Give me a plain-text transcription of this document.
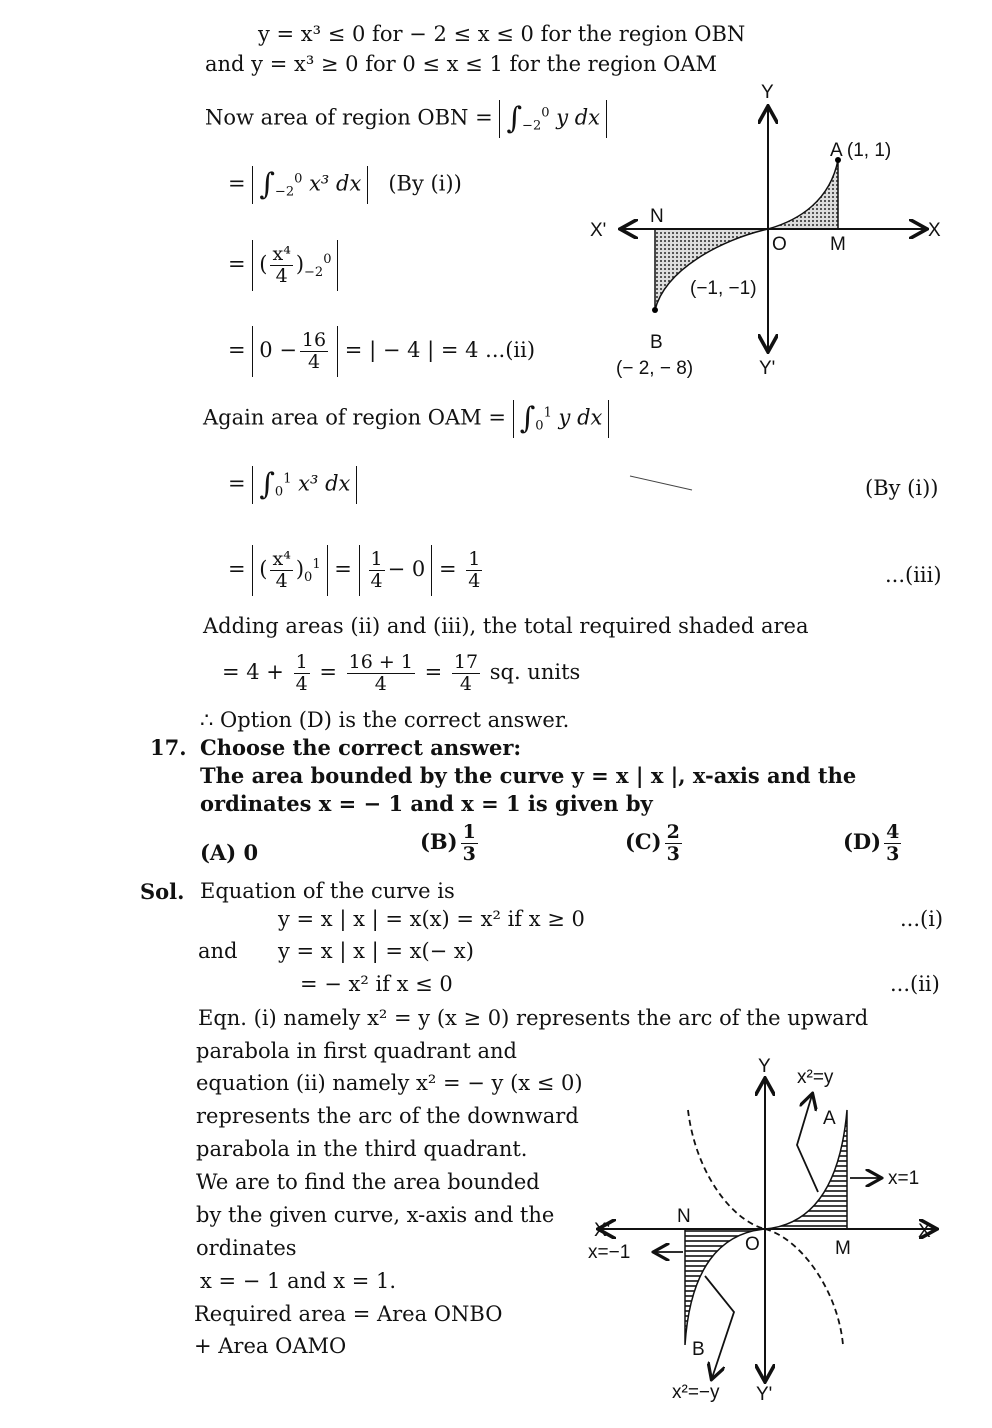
y = x³ ≤ 0 for − 2 ≤ x ≤ 0 for the region OBN
and y = x³ ≥ 0 for 0 ≤ x ≤ 1 for the region OAM
Now area of region OBN = $\int_{-2}^0$ y dx
= $\int_{-2}^0$ x³ dx (By (i))
= ( $\frac{\text{x⁴}}{4} )_{-2}^0$
= $0 - \frac{16}{4}$ = | − 4 | = 4 ...(ii)
Again area of region OAM = $\int_0^1$ y dx
= $\int_0^1$ x³ dx	(By (i))
= ( $\frac{\text{x⁴}}{4} )_0^1 = \frac{1}{4} - 0 = \frac{1}{4}$	...(iii)
Adding areas (ii) and (iii), the total required shaded area
= $4 + \frac{1}{4} = \frac{16 + 1}{4} = \frac{17}{4}$ sq. units
∴ Option (D) is the correct answer.
17. Choose the correct answer:
The area bounded by the curve y = x | x |, x-axis and the
ordinates x = − 1 and x = 1 is given by
(A) 0	$(B) \frac{1}{3}$	$(C) \frac{2}{3}$	$(D) \frac{4}{3}$
Sol. Equation of the curve is
y = x | x | = x(x) = x² if x ≥ 0	...(i)
and y = x | x | = x(− x)
= − x² if x ≤ 0	...(ii)
Eqn. (i) namely x² = y (x ≥ 0) represents the arc of the upward
parabola in first quadrant and
equation (ii) namely x² = − y (x ≤ 0)
represents the arc of the downward
parabola in the third quadrant.
We are to find the area bounded
by the given curve, x-axis and the
ordinates
x = − 1 and x = 1.
Required area = Area ONBO
+ Area OAMO
Y
Y'
X
X'
N
O M
A (1, 1)
B
(− 2, − 8)
(−1, −1)
Y
Y'
X
X'
N
O	M
A
B
x²=y
x²=−y
x=1
x=−1
